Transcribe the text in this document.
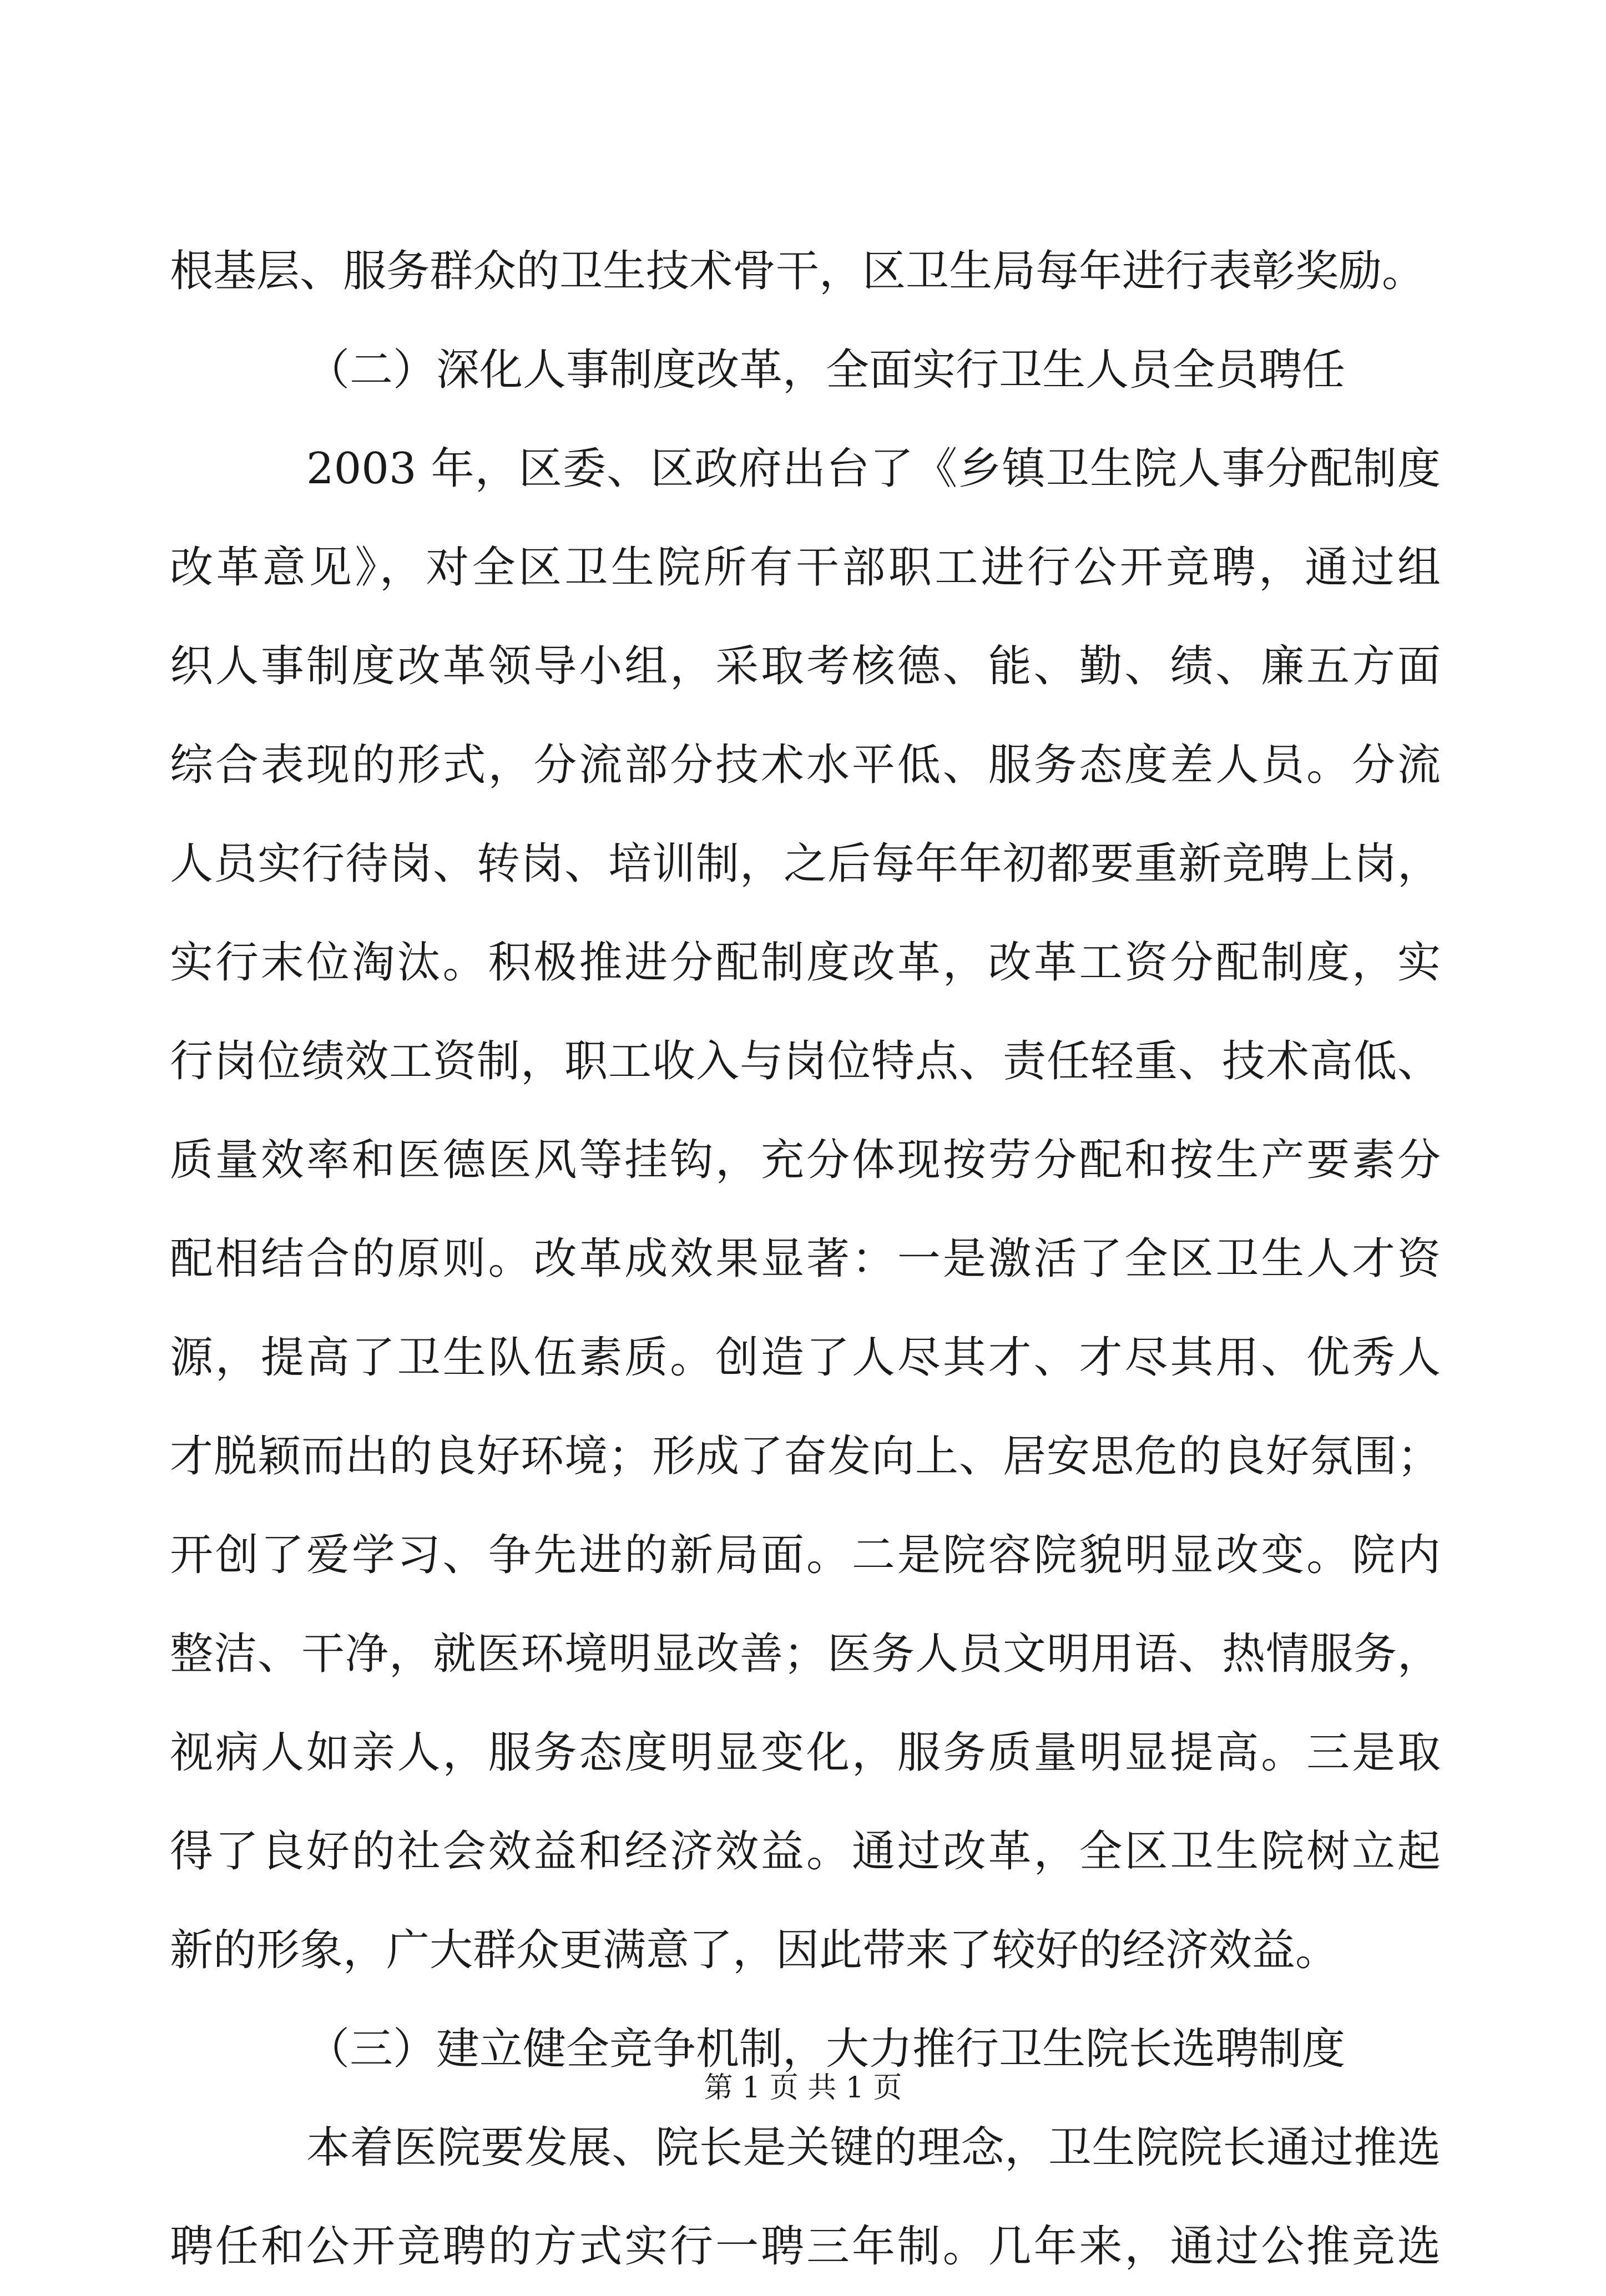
根基层、服务群众的卫生技术骨干，区卫生局每年进行表彰奖励。
（二）深化人事制度改革，全面实行卫生人员全员聘任
2003 年，区委、区政府出台了《乡镇卫生院人事分配制度
改革意见》，对全区卫生院所有干部职工进行公开竞聘，通过组
织人事制度改革领导小组，采取考核德、能、勤、绩、廉五方面
综合表现的形式，分流部分技术水平低、服务态度差人员。分流
人员实行待岗、转岗、培训制，之后每年年初都要重新竞聘上岗，
实行末位淘汰。积极推进分配制度改革，改革工资分配制度，实
行岗位绩效工资制，职工收入与岗位特点、责任轻重、技术高低、
质量效率和医德医风等挂钩，充分体现按劳分配和按生产要素分
配相结合的原则。改革成效果显著：一是激活了全区卫生人才资
源，提高了卫生队伍素质。创造了人尽其才、才尽其用、优秀人
才脱颖而出的良好环境；形成了奋发向上、居安思危的良好氛围；
开创了爱学习、争先进的新局面。二是院容院貌明显改变。院内
整洁、干净，就医环境明显改善；医务人员文明用语、热情服务，
视病人如亲人，服务态度明显变化，服务质量明显提高。三是取
得了良好的社会效益和经济效益。通过改革，全区卫生院树立起
新的形象，广大群众更满意了，因此带来了较好的经济效益。
（三）建立健全竞争机制，大力推行卫生院长选聘制度
本着医院要发展、院长是关键的理念，卫生院院长通过推选
聘任和公开竞聘的方式实行一聘三年制。几年来，通过公推竞选
第 1 页 共 1 页
